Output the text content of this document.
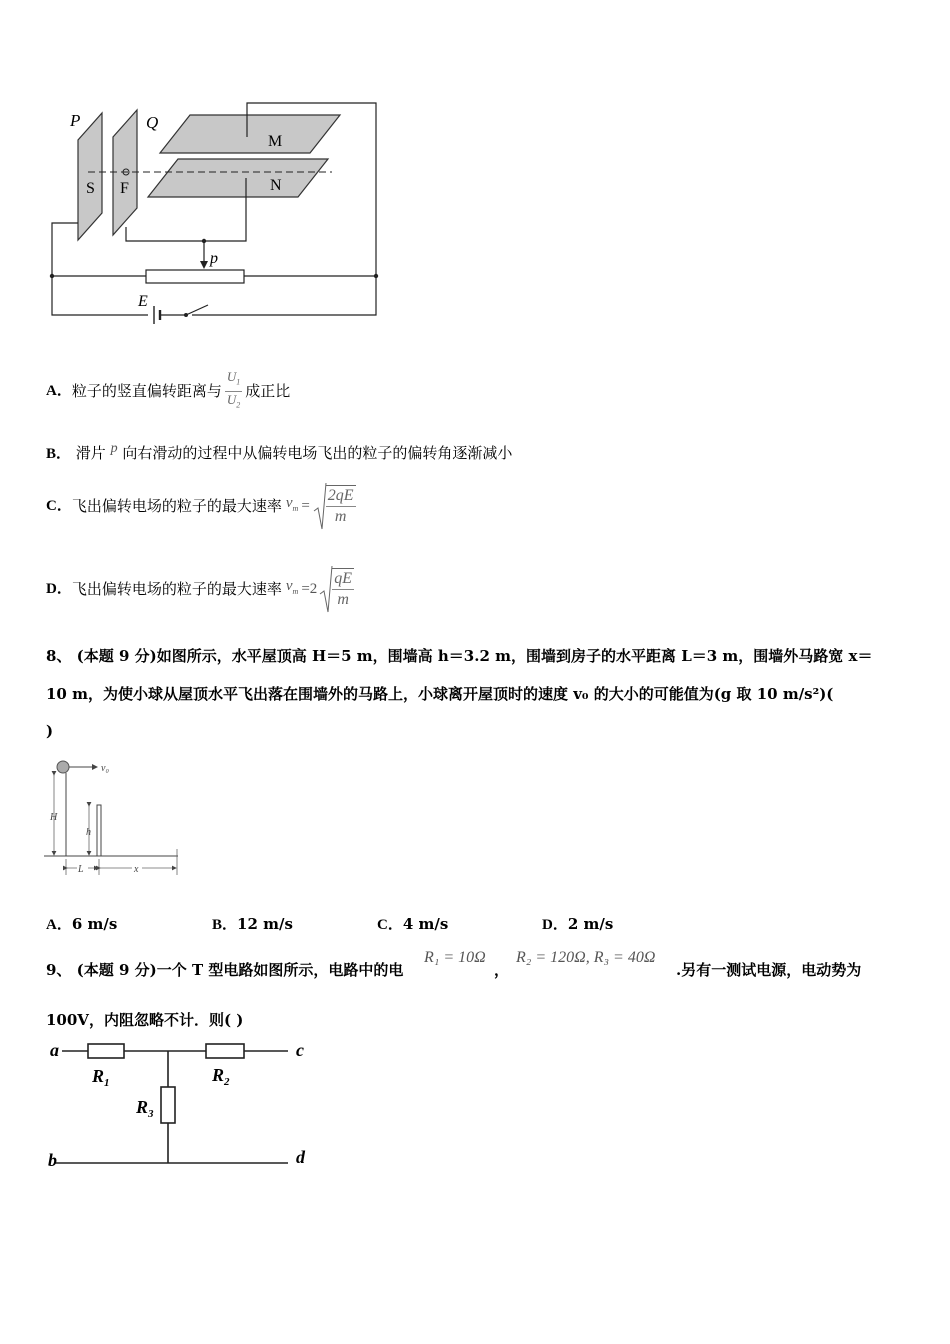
P	Q
M
N
S F
p
E
A． 粒子的竖直偏转距离与 $\frac{U_1}{U_2}$ 成正比
B． 滑片 p 向右滑动的过程中从偏转电场飞出的粒子的偏转角逐渐减小
C． 飞出偏转电场的粒子的最大速率 $v_m = \frac{2qE}{m}$
D． 飞出偏转电场的粒子的最大速率 $v_m =2 \frac{qE}{m}$
8、 (本题 9 分)如图所示，水平屋顶高 H＝5 m，围墙高 h＝3.2 m，围墙到房子的水平距离 L＝3 m，围墙外马路宽 x＝
10 m，为使小球从屋顶水平飞出落在围墙外的马路上，小球离开屋顶时的速度 v₀ 的大小的可能值为(g 取 10 m/s²)(
)
v₀
H
h
L	x
A．6 m/s	B．12 m/s	C．4 m/s	D．2 m/s
9、 (本题 9 分)一个 T 型电路如图所示，电路中的电
R₁ = 10Ω
，
R₂ = 120Ω, R₃ = 40Ω
.另有一测试电源，电动势为
100V，内阻忽略不计．则( )
a	c
b	d
$R_1$	$R_2$
$R_3$
